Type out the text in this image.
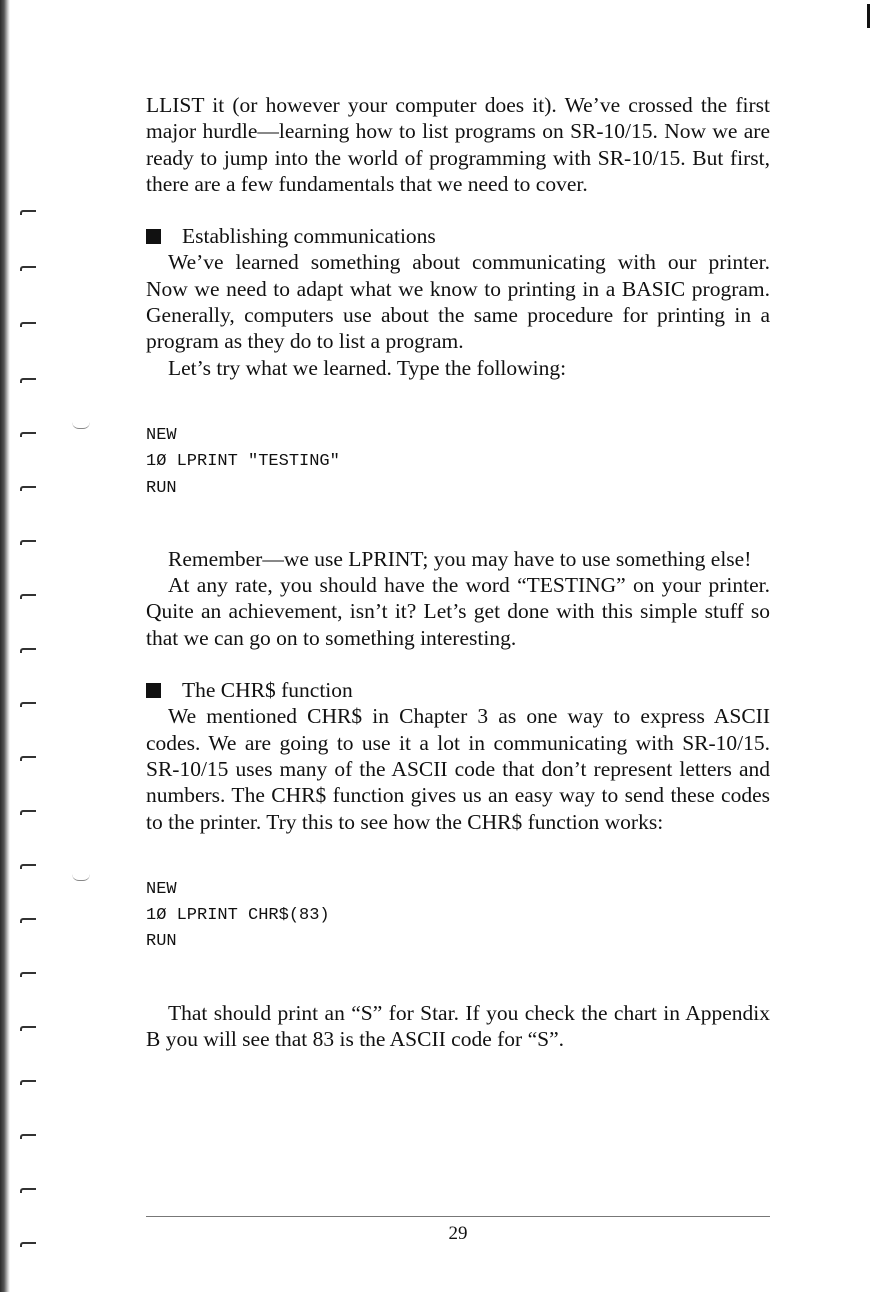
LLIST it (or however your computer does it). We’ve crossed the first major hurdle—learning how to list programs on SR-10/15. Now we are ready to jump into the world of programming with SR-10/15. But first, there are a few fundamentals that we need to cover.

Establishing communications

We’ve learned something about communicating with our printer. Now we need to adapt what we know to printing in a BASIC program. Generally, computers use about the same procedure for printing in a program as they do to list a program.

Let’s try what we learned. Type the following:

NEW
1Ø LPRINT "TESTING"
RUN

Remember—we use LPRINT; you may have to use something else!

At any rate, you should have the word “TESTING” on your printer. Quite an achievement, isn’t it? Let’s get done with this simple stuff so that we can go on to something interesting.

The CHR$ function

We mentioned CHR$ in Chapter 3 as one way to express ASCII codes. We are going to use it a lot in communicating with SR-10/15. SR-10/15 uses many of the ASCII code that don’t represent letters and numbers. The CHR$ function gives us an easy way to send these codes to the printer. Try this to see how the CHR$ function works:

NEW
1Ø LPRINT CHR$(83)
RUN

That should print an “S” for Star. If you check the chart in Appendix B you will see that 83 is the ASCII code for “S”.

29
